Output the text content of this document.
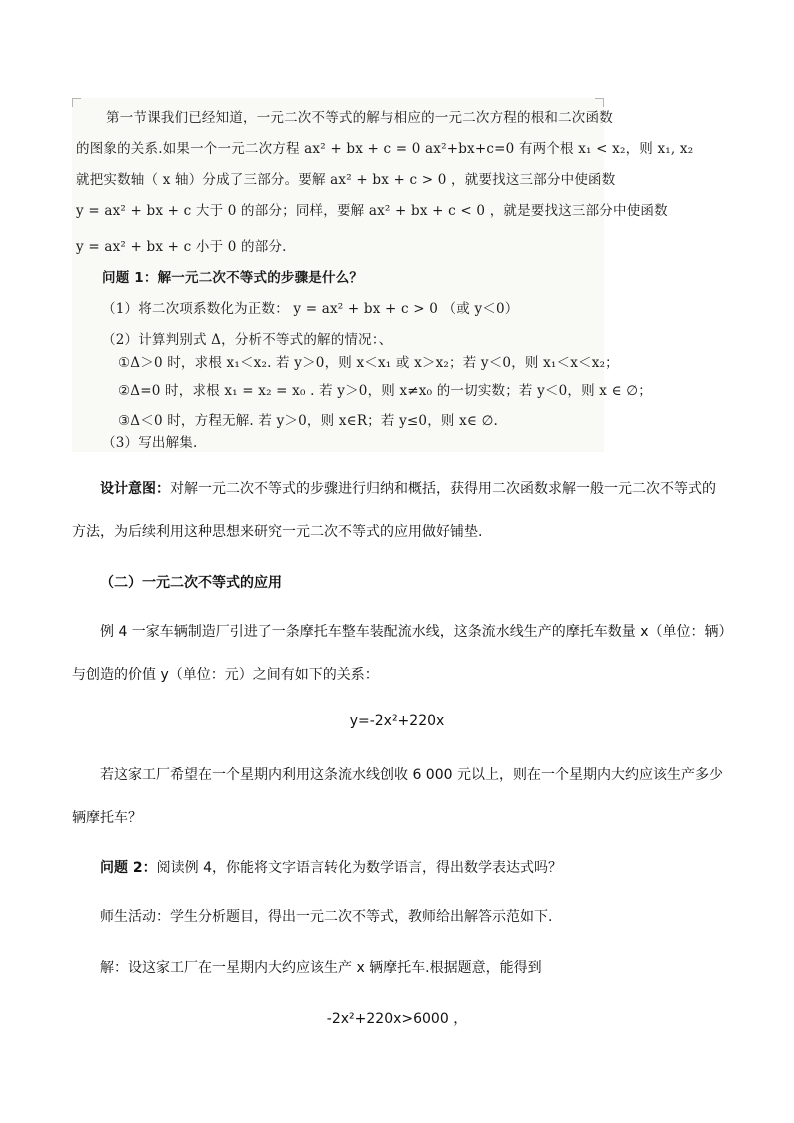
第一节课我们已经知道，一元二次不等式的解与相应的一元二次方程的根和二次函数
的图象的关系.如果一个一元二次方程 ax² + bx + c = 0 ax²+bx+c=0 有两个根 x₁ < x₂，则 x₁, x₂
就把实数轴（ x 轴）分成了三部分。要解 ax² + bx + c > 0 ，就要找这三部分中使函数
y = ax² + bx + c 大于 0 的部分；同样，要解 ax² + bx + c < 0 ，就是要找这三部分中使函数
y = ax² + bx + c 小于 0 的部分.
问题 1：解一元二次不等式的步骤是什么？
（1）将二次项系数化为正数： y = ax² + bx + c > 0 （或 y＜0）
（2）计算判别式 Δ，分析不等式的解的情况：、
①Δ＞0 时，求根 x₁＜x₂. 若 y＞0，则 x＜x₁ 或 x＞x₂；若 y＜0，则 x₁＜x＜x₂；
②Δ=0 时，求根 x₁ = x₂ = x₀ . 若 y＞0，则 x≠x₀ 的一切实数；若 y＜0，则 x ∈ ∅；
③Δ＜0 时，方程无解. 若 y＞0，则 x∈R；若 y≤0，则 x∈ ∅.
（3）写出解集.
设计意图：对解一元二次不等式的步骤进行归纳和概括，获得用二次函数求解一般一元二次不等式的
方法，为后续利用这种思想来研究一元二次不等式的应用做好铺垫.
（二）一元二次不等式的应用
例 4 一家车辆制造厂引进了一条摩托车整车装配流水线，这条流水线生产的摩托车数量 x（单位：辆）
与创造的价值 y（单位：元）之间有如下的关系：
y=-2x²+220x
若这家工厂希望在一个星期内利用这条流水线创收 6 000 元以上，则在一个星期内大约应该生产多少
辆摩托车？
问题 2：阅读例 4，你能将文字语言转化为数学语言，得出数学表达式吗？
师生活动：学生分析题目，得出一元二次不等式，教师给出解答示范如下.
解：设这家工厂在一星期内大约应该生产 x 辆摩托车.根据题意，能得到
-2x²+220x>6000 ，
